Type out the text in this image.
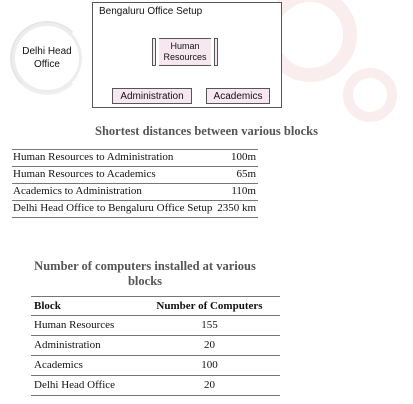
Delhi Head Office
Bengaluru Office Setup
Human Resources
Administration	Academics
Shortest distances between various blocks
Human Resources to Administration	100m
Human Resources to Academics	65m
Academics to Administration	110m
Delhi Head Office to Bengaluru Office Setup	2350 km
Number of computers installed at various blocks
Block	Number of Computers
Human Resources	155
Administration	20
Academics	100
Delhi Head Office	20
